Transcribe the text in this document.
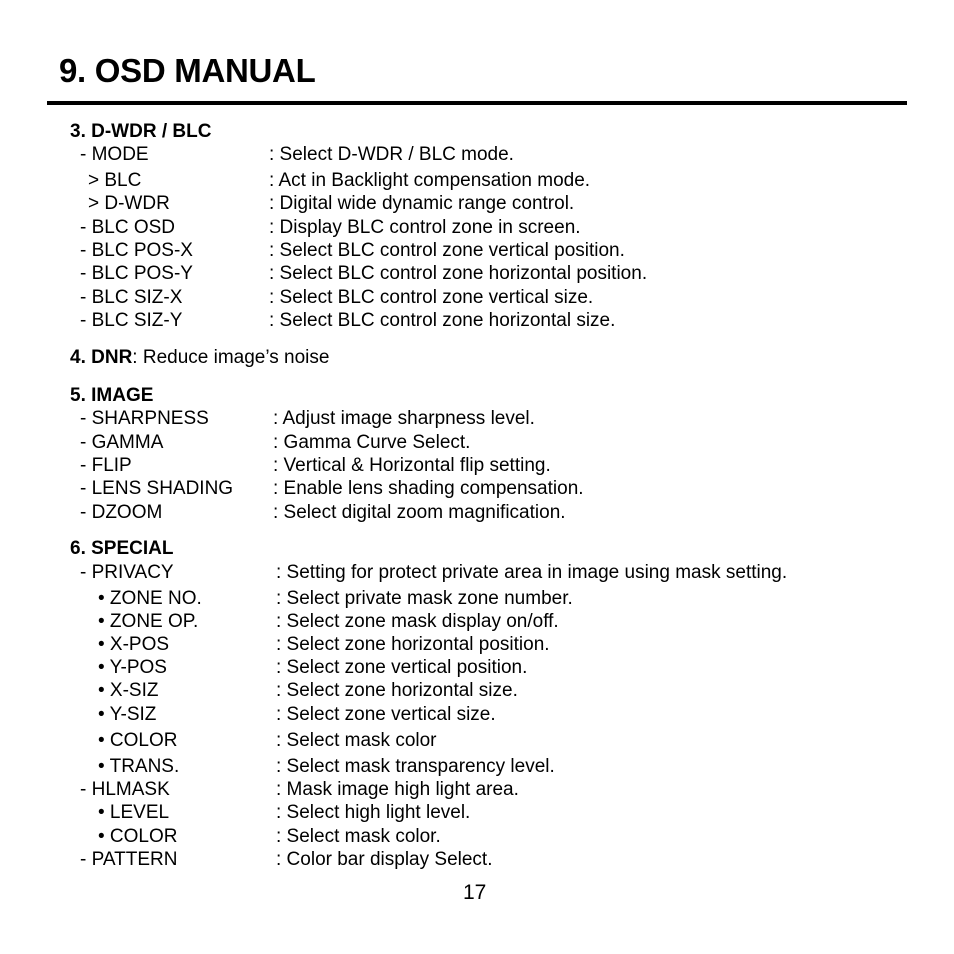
9. OSD MANUAL
3. D-WDR / BLC
- MODE	: Select D-WDR / BLC mode.
> BLC	: Act in Backlight compensation mode.
> D-WDR	: Digital wide dynamic range control.
- BLC OSD	: Display BLC control zone in screen.
- BLC POS-X	: Select BLC control zone vertical position.
- BLC POS-Y	: Select BLC control zone horizontal position.
- BLC SIZ-X	: Select BLC control zone vertical size.
- BLC SIZ-Y	: Select BLC control zone horizontal size.
4. DNR: Reduce image’s noise
5. IMAGE
- SHARPNESS	: Adjust image sharpness level.
- GAMMA	: Gamma Curve Select.
- FLIP	: Vertical & Horizontal flip setting.
- LENS SHADING : Enable lens shading compensation.
- DZOOM	: Select digital zoom magnification.
6. SPECIAL
- PRIVACY	: Setting for protect private area in image using mask setting.
• ZONE NO.	: Select private mask zone number.
• ZONE OP.	: Select zone mask display on/off.
• X-POS	: Select zone horizontal position.
• Y-POS	: Select zone vertical position.
• X-SIZ	: Select zone horizontal size.
• Y-SIZ	: Select zone vertical size.
• COLOR	: Select mask color
• TRANS.	: Select mask transparency level.
- HLMASK	: Mask image high light area.
• LEVEL	: Select high light level.
• COLOR	: Select mask color.
- PATTERN	: Color bar display Select.
17
